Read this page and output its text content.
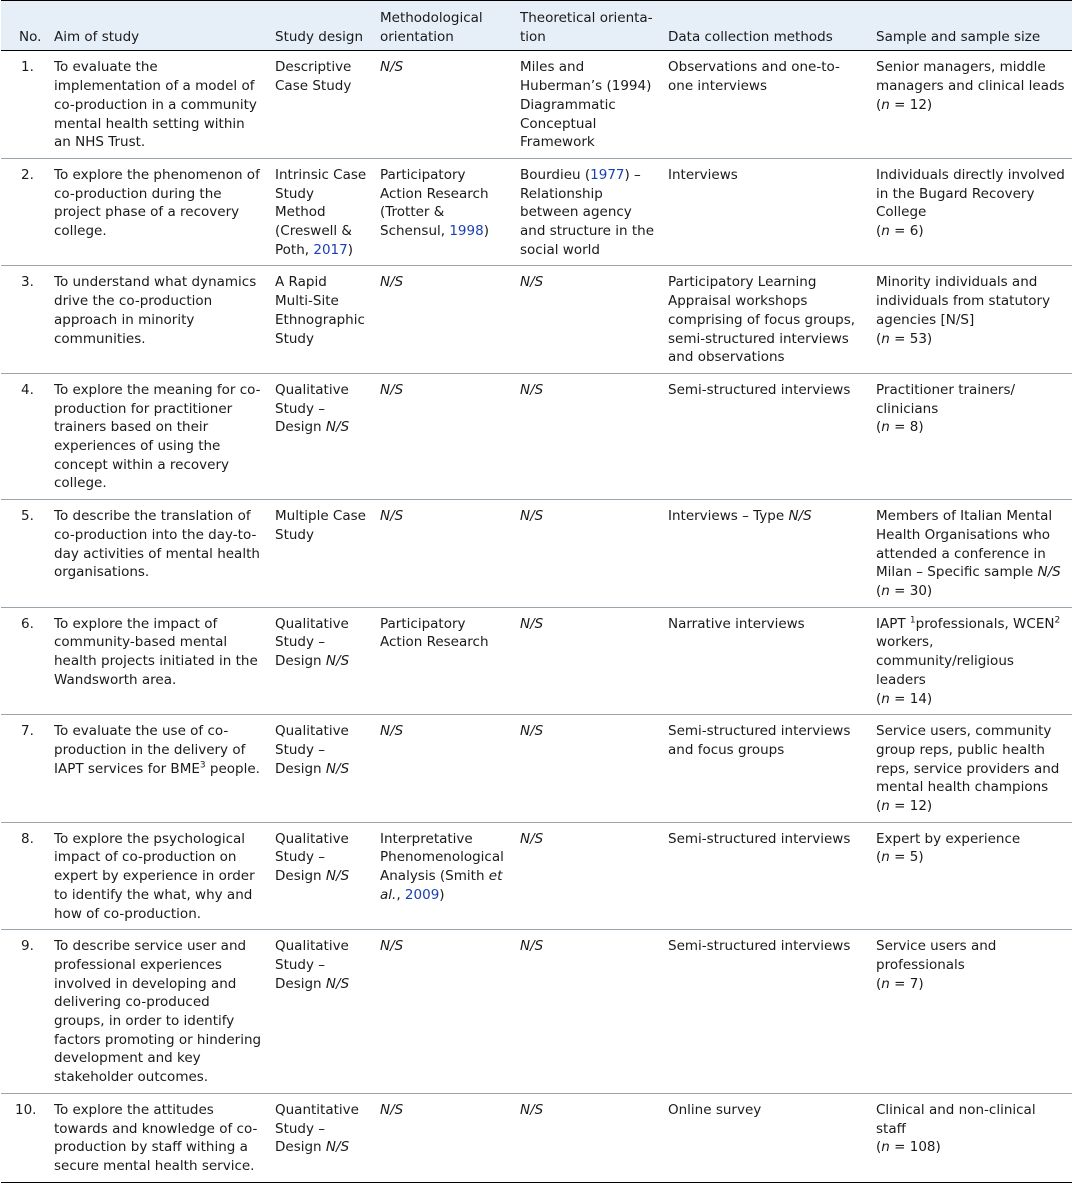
No.	Aim of study	Study design	Methodological orientation	Theoretical orienta-tion	Data collection methods	Sample and sample size
1.	To evaluate the implementation of a model of co-production in a community mental health setting within an NHS Trust.	Descriptive Case Study	N/S	Miles and Huberman’s (1994) Diagrammatic Conceptual Framework	Observations and one-to-one interviews	Senior managers, middle managers and clinical leads
(n = 12)
2.	To explore the phenomenon of co-production during the project phase of a recovery college.	Intrinsic Case Study Method (Creswell & Poth, 2017)	Participatory Action Research (Trotter & Schensul, 1998)	Bourdieu (1977) – Relationship between agency and structure in the social world	Interviews	Individuals directly involved in the Bugard Recovery College
(n = 6)
3.	To understand what dynamics drive the co-production approach in minority communities.	A Rapid Multi-Site Ethnographic Study	N/S	N/S	Participatory Learning Appraisal workshops comprising of focus groups, semi-structured interviews and observations	Minority individuals and individuals from statutory agencies [N/S]
(n = 53)
4.	To explore the meaning for co-production for practitioner trainers based on their experiences of using the concept within a recovery college.	Qualitative Study – Design N/S	N/S	N/S	Semi-structured interviews	Practitioner trainers/ clinicians
(n = 8)
5.	To describe the translation of co-production into the day-to-day activities of mental health organisations.	Multiple Case Study	N/S	N/S	Interviews – Type N/S	Members of Italian Mental Health Organisations who attended a conference in Milan – Specific sample N/S
(n = 30)
6.	To explore the impact of community-based mental health projects initiated in the Wandsworth area.	Qualitative Study – Design N/S	Participatory Action Research	N/S	Narrative interviews	IAPT $^1$professionals, WCEN$^2$ workers, community/religious leaders
(n = 14)
7.	To evaluate the use of co-production in the delivery of IAPT services for BME$^3$ people.	Qualitative Study – Design N/S	N/S	N/S	Semi-structured interviews and focus groups	Service users, community group reps, public health reps, service providers and mental health champions
(n = 12)
8.	To explore the psychological impact of co-production on expert by experience in order to identify the what, why and how of co-production.	Qualitative Study – Design N/S	Interpretative Phenomenological Analysis (Smith et al., 2009)	N/S	Semi-structured interviews	Expert by experience
(n = 5)
9.	To describe service user and professional experiences involved in developing and delivering co-produced groups, in order to identify factors promoting or hindering development and key stakeholder outcomes.	Qualitative Study – Design N/S	N/S	N/S	Semi-structured interviews	Service users and professionals
(n = 7)
10.	To explore the attitudes towards and knowledge of co-production by staff withing a secure mental health service.	Quantitative Study – Design N/S	N/S	N/S	Online survey	Clinical and non-clinical staff
(n = 108)
